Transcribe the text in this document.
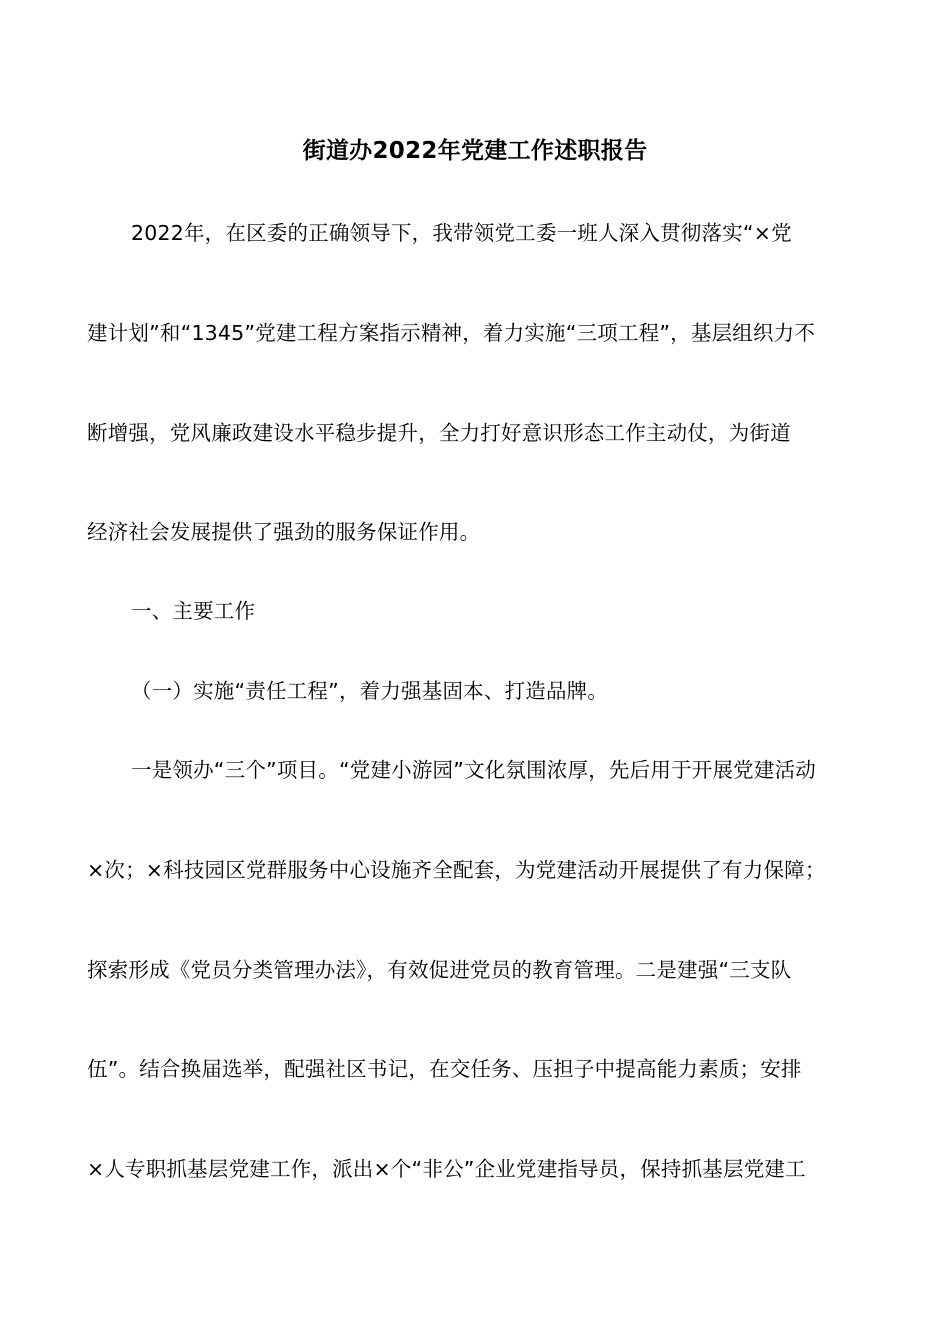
街道办2022年党建工作述职报告
2022年，在区委的正确领导下，我带领党工委一班人深入贯彻落实“×党
建计划”和“1345”党建工程方案指示精神，着力实施“三项工程”，基层组织力不
断增强，党风廉政建设水平稳步提升，全力打好意识形态工作主动仗，为街道
经济社会发展提供了强劲的服务保证作用。
一、主要工作
（一）实施“责任工程”，着力强基固本、打造品牌。
一是领办“三个”项目。“党建小游园”文化氛围浓厚，先后用于开展党建活动
×次；×科技园区党群服务中心设施齐全配套，为党建活动开展提供了有力保障；
探索形成《党员分类管理办法》，有效促进党员的教育管理。二是建强“三支队
伍”。结合换届选举，配强社区书记，在交任务、压担子中提高能力素质；安排
×人专职抓基层党建工作，派出×个“非公”企业党建指导员，保持抓基层党建工
